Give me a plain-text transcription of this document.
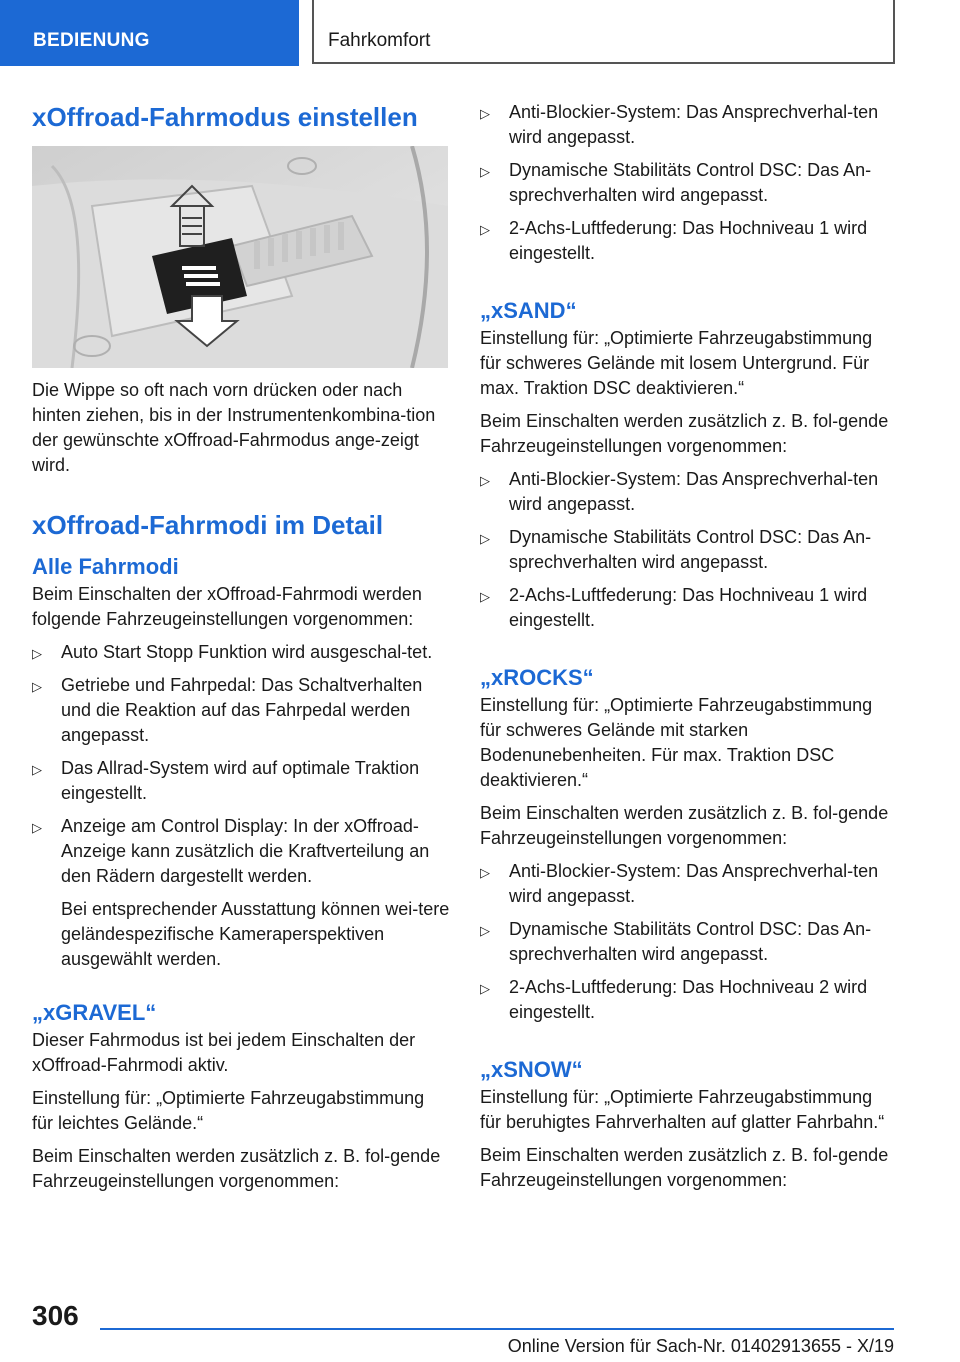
BEDIENUNG	Fahrkomfort
xOffroad-Fahrmodus einstellen

Die Wippe so oft nach vorn drücken oder nach hinten ziehen, bis in der Instrumentenkombina-tion der gewünschte xOffroad-Fahrmodus ange-zeigt wird.

xOffroad-Fahrmodi im Detail
Alle Fahrmodi

Beim Einschalten der xOffroad-Fahrmodi werden folgende Fahrzeugeinstellungen vorgenommen:

▷ Auto Start Stopp Funktion wird ausgeschal-tet.
▷ Getriebe und Fahrpedal: Das Schaltverhalten und die Reaktion auf das Fahrpedal werden angepasst.
▷ Das Allrad-System wird auf optimale Traktion eingestellt.
▷ Anzeige am Control Display: In der xOffroad-Anzeige kann zusätzlich die Kraftverteilung an den Rädern dargestellt werden.

Bei entsprechender Ausstattung können wei-tere geländespezifische Kameraperspektiven ausgewählt werden.

„xGRAVEL“

Dieser Fahrmodus ist bei jedem Einschalten der xOffroad-Fahrmodi aktiv.

Einstellung für: „Optimierte Fahrzeugabstimmung für leichtes Gelände.“

Beim Einschalten werden zusätzlich z. B. fol-gende Fahrzeugeinstellungen vorgenommen:

▷ Anti-Blockier-System: Das Ansprechverhal-ten wird angepasst.
▷ Dynamische Stabilitäts Control DSC: Das An-sprechverhalten wird angepasst.
▷ 2-Achs-Luftfederung: Das Hochniveau 1 wird eingestellt.
„xSAND“

Einstellung für: „Optimierte Fahrzeugabstimmung für schweres Gelände mit losem Untergrund. Für max. Traktion DSC deaktivieren.“

Beim Einschalten werden zusätzlich z. B. fol-gende Fahrzeugeinstellungen vorgenommen:

▷ Anti-Blockier-System: Das Ansprechverhal-ten wird angepasst.
▷ Dynamische Stabilitäts Control DSC: Das An-sprechverhalten wird angepasst.
▷ 2-Achs-Luftfederung: Das Hochniveau 1 wird eingestellt.
„xROCKS“

Einstellung für: „Optimierte Fahrzeugabstimmung für schweres Gelände mit starken Bodenunebenheiten. Für max. Traktion DSC deaktivieren.“

Beim Einschalten werden zusätzlich z. B. fol-gende Fahrzeugeinstellungen vorgenommen:

▷ Anti-Blockier-System: Das Ansprechverhal-ten wird angepasst.
▷ Dynamische Stabilitäts Control DSC: Das An-sprechverhalten wird angepasst.
▷ 2-Achs-Luftfederung: Das Hochniveau 2 wird eingestellt.
„xSNOW“

Einstellung für: „Optimierte Fahrzeugabstimmung für beruhigtes Fahrverhalten auf glatter Fahrbahn.“

Beim Einschalten werden zusätzlich z. B. fol-gende Fahrzeugeinstellungen vorgenommen:

306
Online Version für Sach-Nr. 01402913655 - X/19
